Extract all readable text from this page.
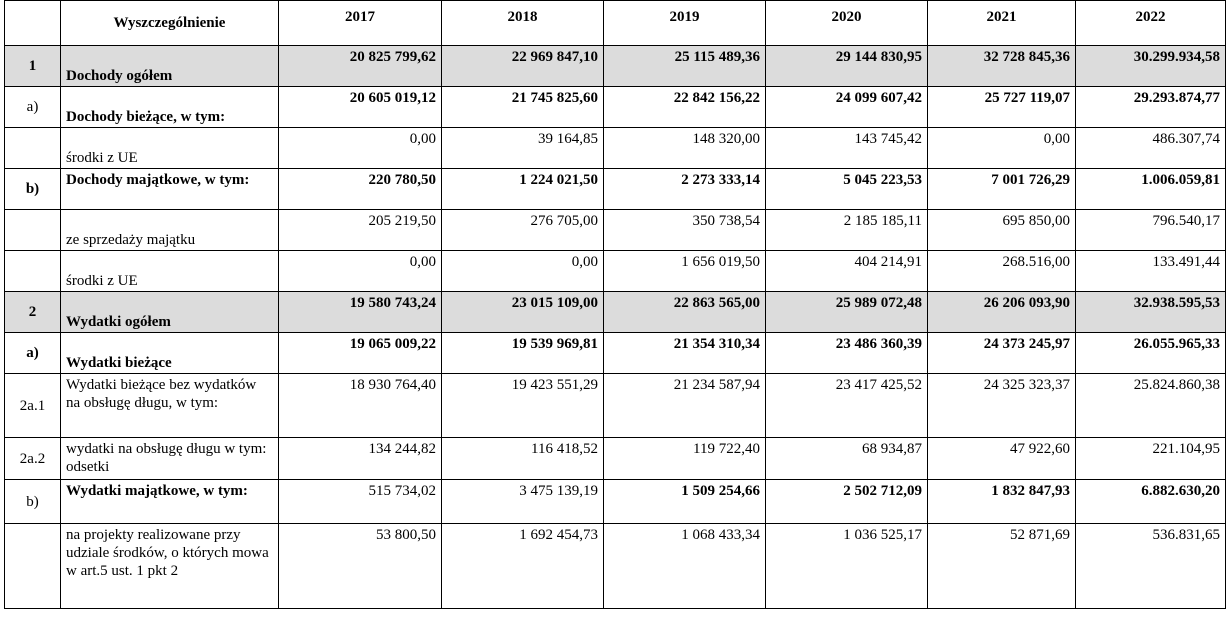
	Wyszczególnienie	2017	2018	2019	2020	2021	2022
1	Dochody ogółem	20 825 799,62	22 969 847,10	25 115 489,36	29 144 830,95	32 728 845,36	30.299.934,58
a)	Dochody bieżące, w tym:	20 605 019,12	21 745 825,60	22 842 156,22	24 099 607,42	25 727 119,07	29.293.874,77
	środki z UE	0,00	39 164,85	148 320,00	143 745,42	0,00	486.307,74
b)	Dochody majątkowe, w tym:	220 780,50	1 224 021,50	2 273 333,14	5 045 223,53	7 001 726,29	1.006.059,81
	ze sprzedaży majątku	205 219,50	276 705,00	350 738,54	2 185 185,11	695 850,00	796.540,17
	środki z UE	0,00	0,00	1 656 019,50	404 214,91	268.516,00	133.491,44
2	Wydatki ogółem	19 580 743,24	23 015 109,00	22 863 565,00	25 989 072,48	26 206 093,90	32.938.595,53
a)	Wydatki bieżące	19 065 009,22	19 539 969,81	21 354 310,34	23 486 360,39	24 373 245,97	26.055.965,33
2a.1	Wydatki bieżące bez wydatków na obsługę długu, w tym:	18 930 764,40	19 423 551,29	21 234 587,94	23 417 425,52	24 325 323,37	25.824.860,38
2a.2	wydatki na obsługę długu w tym: odsetki	134 244,82	116 418,52	119 722,40	68 934,87	47 922,60	221.104,95
b)	Wydatki majątkowe, w tym:	515 734,02	3 475 139,19	1 509 254,66	2 502 712,09	1 832 847,93	6.882.630,20
	na projekty realizowane przy udziale środków, o których mowa w art.5 ust. 1 pkt 2	53 800,50	1 692 454,73	1 068 433,34	1 036 525,17	52 871,69	536.831,65
